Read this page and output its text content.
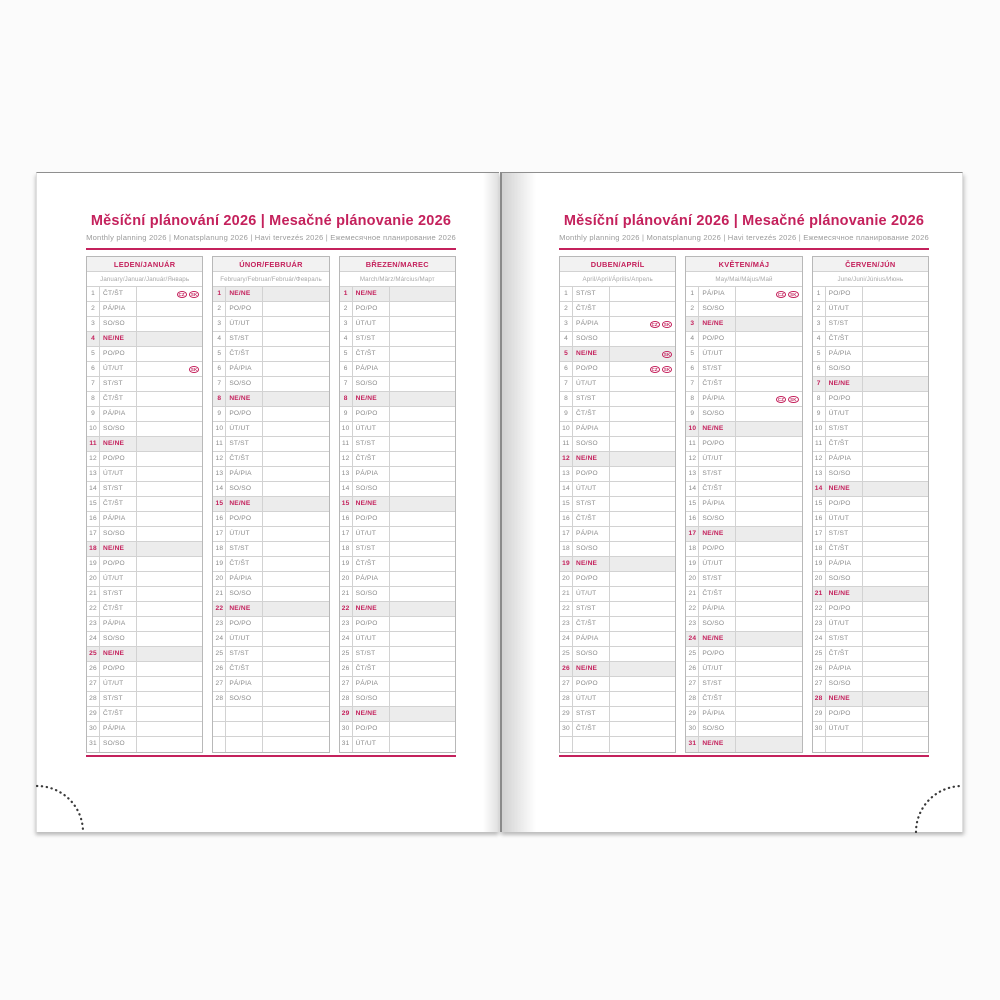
Měsíční plánování 2026 | Mesačné plánovanie 2026
Monthly planning 2026 | Monatsplanung 2026 | Havi tervezés 2026 | Ежемесячное планирование 2026
LEDEN/JANUÁR
January/Januar/Január/Январь
1	ČT/ŠT	CZ	SK
2	PÁ/PIA
3	SO/SO
4	NE/NE
5	PO/PO
6	ÚT/UT	SK
7	ST/ST
8	ČT/ŠT
9	PÁ/PIA
10 SO/SO
11 NE/NE
12 PO/PO
13 ÚT/UT
14 ST/ST
15 ČT/ŠT
16 PÁ/PIA
17 SO/SO
18 NE/NE
19 PO/PO
20 ÚT/UT
21 ST/ST
22 ČT/ŠT
23 PÁ/PIA
24 SO/SO
25 NE/NE
26 PO/PO
27 ÚT/UT
28 ST/ST
29 ČT/ŠT
30 PÁ/PIA
31 SO/SO
ÚNOR/FEBRUÁR
February/Februar/Február/Февраль
1	NE/NE
2	PO/PO
3	ÚT/UT
4	ST/ST
5	ČT/ŠT
6	PÁ/PIA
7	SO/SO
8	NE/NE
9	PO/PO
10 ÚT/UT
11 ST/ST
12 ČT/ŠT
13 PÁ/PIA
14 SO/SO
15 NE/NE
16 PO/PO
17 ÚT/UT
18 ST/ST
19 ČT/ŠT
20 PÁ/PIA
21 SO/SO
22 NE/NE
23 PO/PO
24 ÚT/UT
25 ST/ST
26 ČT/ŠT
27 PÁ/PIA
28 SO/SO
BŘEZEN/MAREC
March/März/Március/Март
1	NE/NE
2	PO/PO
3	ÚT/UT
4	ST/ST
5	ČT/ŠT
6	PÁ/PIA
7	SO/SO
8	NE/NE
9	PO/PO
10 ÚT/UT
11 ST/ST
12 ČT/ŠT
13 PÁ/PIA
14 SO/SO
15 NE/NE
16 PO/PO
17 ÚT/UT
18 ST/ST
19 ČT/ŠT
20 PÁ/PIA
21 SO/SO
22 NE/NE
23 PO/PO
24 ÚT/UT
25 ST/ST
26 ČT/ŠT
27 PÁ/PIA
28 SO/SO
29 NE/NE
30 PO/PO
31 ÚT/UT
Měsíční plánování 2026 | Mesačné plánovanie 2026
Monthly planning 2026 | Monatsplanung 2026 | Havi tervezés 2026 | Ежемесячное планирование 2026
DUBEN/APRÍL
April/April/Április/Апрель
1	ST/ST
2	ČT/ŠT
3	PÁ/PIA	CZ	SK
4	SO/SO
5	NE/NE	SK
6	PO/PO	CZ	SK
7	ÚT/UT
8	ST/ST
9	ČT/ŠT
10 PÁ/PIA
11 SO/SO
12 NE/NE
13 PO/PO
14 ÚT/UT
15 ST/ST
16 ČT/ŠT
17 PÁ/PIA
18 SO/SO
19 NE/NE
20 PO/PO
21 ÚT/UT
22 ST/ST
23 ČT/ŠT
24 PÁ/PIA
25 SO/SO
26 NE/NE
27 PO/PO
28 ÚT/UT
29 ST/ST
30 ČT/ŠT
KVĚTEN/MÁJ
May/Mai/Május/Май
1	PÁ/PIA	CZ	SK
2	SO/SO
3	NE/NE
4	PO/PO
5	ÚT/UT
6	ST/ST
7	ČT/ŠT
8	PÁ/PIA	CZ	SK
9	SO/SO
10 NE/NE
11 PO/PO
12 ÚT/UT
13 ST/ST
14 ČT/ŠT
15 PÁ/PIA
16 SO/SO
17 NE/NE
18 PO/PO
19 ÚT/UT
20 ST/ST
21 ČT/ŠT
22 PÁ/PIA
23 SO/SO
24 NE/NE
25 PO/PO
26 ÚT/UT
27 ST/ST
28 ČT/ŠT
29 PÁ/PIA
30 SO/SO
31 NE/NE
ČERVEN/JÚN
June/Juni/Június/Июнь
1	PO/PO
2	ÚT/UT
3	ST/ST
4	ČT/ŠT
5	PÁ/PIA
6	SO/SO
7	NE/NE
8	PO/PO
9	ÚT/UT
10 ST/ST
11 ČT/ŠT
12 PÁ/PIA
13 SO/SO
14 NE/NE
15 PO/PO
16 ÚT/UT
17 ST/ST
18 ČT/ŠT
19 PÁ/PIA
20 SO/SO
21 NE/NE
22 PO/PO
23 ÚT/UT
24 ST/ST
25 ČT/ŠT
26 PÁ/PIA
27 SO/SO
28 NE/NE
29 PO/PO
30 ÚT/UT
